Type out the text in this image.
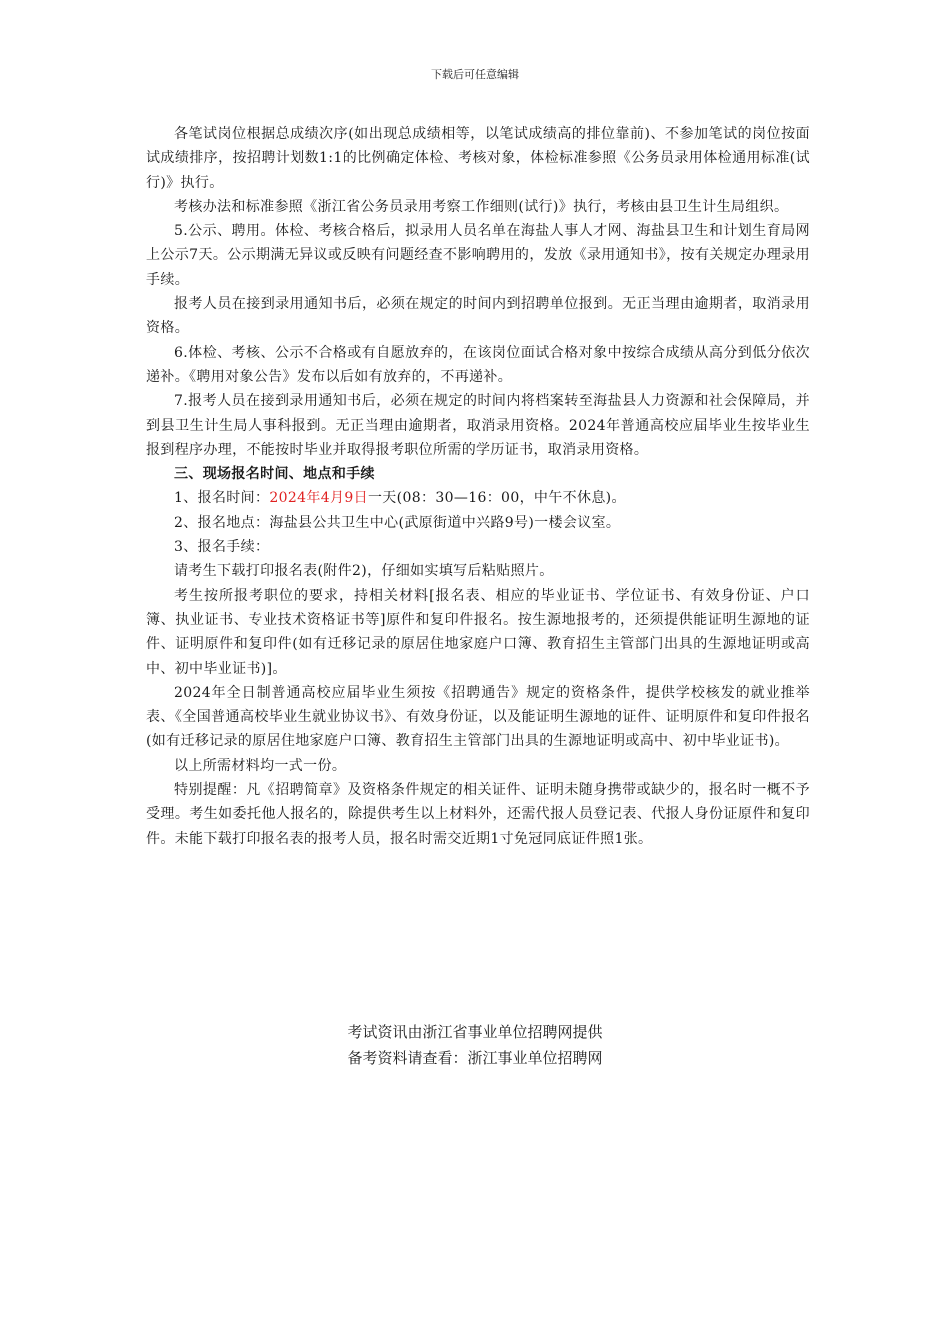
下载后可任意编辑

各笔试岗位根据总成绩次序(如出现总成绩相等，以笔试成绩高的排位靠前)、不参加笔试的岗位按面试成绩排序，按招聘计划数1:1的比例确定体检、考核对象，体检标准参照《公务员录用体检通用标准(试行)》执行。

考核办法和标准参照《浙江省公务员录用考察工作细则(试行)》执行，考核由县卫生计生局组织。

5.公示、聘用。体检、考核合格后，拟录用人员名单在海盐人事人才网、海盐县卫生和计划生育局网上公示7天。公示期满无异议或反映有问题经查不影响聘用的，发放《录用通知书》，按有关规定办理录用手续。

报考人员在接到录用通知书后，必须在规定的时间内到招聘单位报到。无正当理由逾期者，取消录用资格。

6.体检、考核、公示不合格或有自愿放弃的，在该岗位面试合格对象中按综合成绩从高分到低分依次递补。《聘用对象公告》发布以后如有放弃的，不再递补。

7.报考人员在接到录用通知书后，必须在规定的时间内将档案转至海盐县人力资源和社会保障局，并到县卫生计生局人事科报到。无正当理由逾期者，取消录用资格。2024年普通高校应届毕业生按毕业生报到程序办理，不能按时毕业并取得报考职位所需的学历证书，取消录用资格。

三、现场报名时间、地点和手续

1、报名时间：2024年4月9日一天(08：30—16：00，中午不休息)。

2、报名地点：海盐县公共卫生中心(武原街道中兴路9号)一楼会议室。

3、报名手续：

请考生下载打印报名表(附件2)，仔细如实填写后粘贴照片。

考生按所报考职位的要求，持相关材料[报名表、相应的毕业证书、学位证书、有效身份证、户口簿、执业证书、专业技术资格证书等]原件和复印件报名。按生源地报考的，还须提供能证明生源地的证件、证明原件和复印件(如有迁移记录的原居住地家庭户口簿、教育招生主管部门出具的生源地证明或高中、初中毕业证书)]。

2024年全日制普通高校应届毕业生须按《招聘通告》规定的资格条件，提供学校核发的就业推举表、《全国普通高校毕业生就业协议书》、有效身份证，以及能证明生源地的证件、证明原件和复印件报名(如有迁移记录的原居住地家庭户口簿、教育招生主管部门出具的生源地证明或高中、初中毕业证书)。

以上所需材料均一式一份。

特别提醒：凡《招聘简章》及资格条件规定的相关证件、证明未随身携带或缺少的，报名时一概不予受理。考生如委托他人报名的，除提供考生以上材料外，还需代报人员登记表、代报人身份证原件和复印件。未能下载打印报名表的报考人员，报名时需交近期1寸免冠同底证件照1张。

考试资讯由浙江省事业单位招聘网提供
备考资料请查看：浙江事业单位招聘网
